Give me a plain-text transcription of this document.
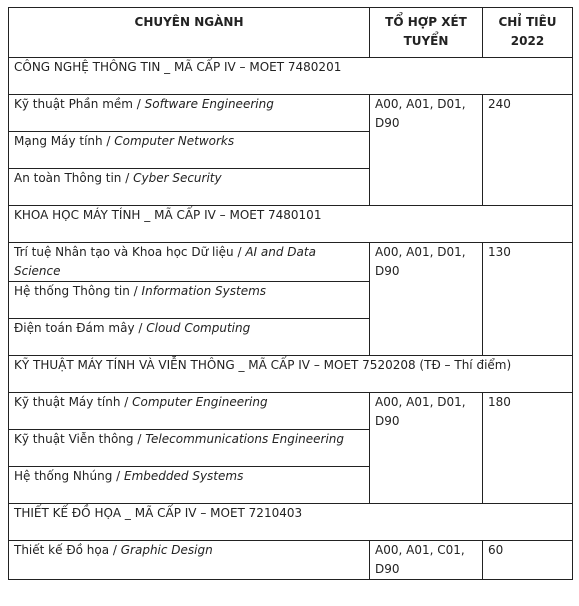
CHUYÊN NGÀNH	TỔ HỢP XÉT TUYỂN	CHỈ TIÊU 2022
CÔNG NGHỆ THÔNG TIN _ MÃ CẤP IV – MOET 7480201		
Kỹ thuật Phần mềm / Software Engineering	A00, A01, D01, D90	240
Mạng Máy tính / Computer Networks		
An toàn Thông tin / Cyber Security		
KHOA HỌC MÁY TÍNH _ MÃ CẤP IV – MOET 7480101		
Trí tuệ Nhân tạo và Khoa học Dữ liệu / AI and Data Science	A00, A01, D01, D90	130
Hệ thống Thông tin / Information Systems		
Điện toán Đám mây / Cloud Computing		
KỸ THUẬT MÁY TÍNH VÀ VIỄN THÔNG _ MÃ CẤP IV – MOET 7520208 (TĐ – Thí điểm)		
Kỹ thuật Máy tính / Computer Engineering	A00, A01, D01, D90	180
Kỹ thuật Viễn thông / Telecommunications Engineering		
Hệ thống Nhúng / Embedded Systems		
THIẾT KẾ ĐỒ HỌA _ MÃ CẤP IV – MOET 7210403		
Thiết kế Đồ họa / Graphic Design	A00, A01, C01, D90	60
